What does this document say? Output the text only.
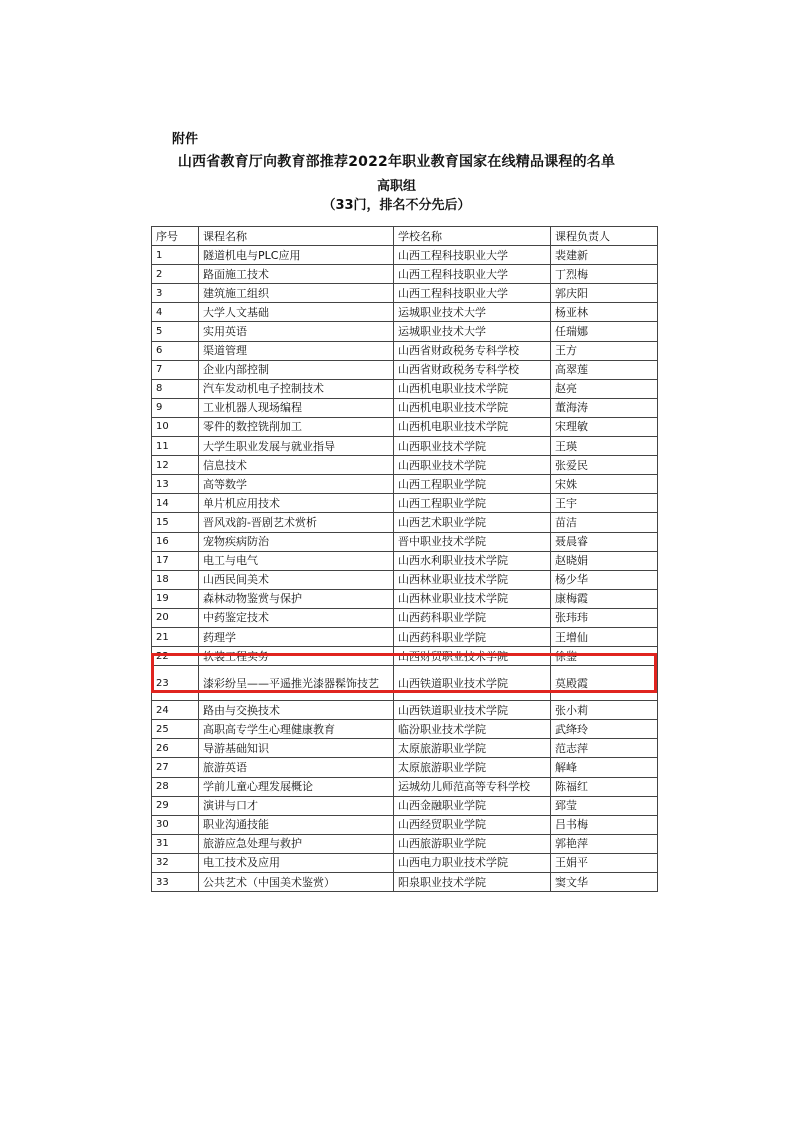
附件
山西省教育厅向教育部推荐2022年职业教育国家在线精品课程的名单
高职组
（33门，排名不分先后）
序号	课程名称	学校名称	课程负责人
1	隧道机电与PLC应用	山西工程科技职业大学	裴建新
2	路面施工技术	山西工程科技职业大学	丁烈梅
3	建筑施工组织	山西工程科技职业大学	郭庆阳
4	大学人文基础	运城职业技术大学	杨亚林
5	实用英语	运城职业技术大学	任瑞娜
6	渠道管理	山西省财政税务专科学校	王方
7	企业内部控制	山西省财政税务专科学校	高翠莲
8	汽车发动机电子控制技术	山西机电职业技术学院	赵亮
9	工业机器人现场编程	山西机电职业技术学院	董海涛
10	零件的数控铣削加工	山西机电职业技术学院	宋理敏
11	大学生职业发展与就业指导	山西职业技术学院	王瑛
12	信息技术	山西职业技术学院	张爱民
13	高等数学	山西工程职业学院	宋姝
14	单片机应用技术	山西工程职业学院	王宇
15	晋风戏韵-晋剧艺术赏析	山西艺术职业学院	苗洁
16	宠物疾病防治	晋中职业技术学院	聂晨睿
17	电工与电气	山西水利职业技术学院	赵晓娟
18	山西民间美术	山西林业职业技术学院	杨少华
19	森林动物鉴赏与保护	山西林业职业技术学院	康梅霞
20	中药鉴定技术	山西药科职业学院	张玮玮
21	药理学	山西药科职业学院	王增仙
22	软装工程实务	山西财贸职业技术学院	徐鉴
23	漆彩纷呈——平遥推光漆器髹饰技艺	山西铁道职业技术学院	莫殿霞
24	路由与交换技术	山西铁道职业技术学院	张小莉
25	高职高专学生心理健康教育	临汾职业技术学院	武绛玲
26	导游基础知识	太原旅游职业学院	范志萍
27	旅游英语	太原旅游职业学院	解峰
28	学前儿童心理发展概论	运城幼儿师范高等专科学校	陈福红
29	演讲与口才	山西金融职业学院	郅莹
30	职业沟通技能	山西经贸职业学院	吕书梅
31	旅游应急处理与救护	山西旅游职业学院	郭艳萍
32	电工技术及应用	山西电力职业技术学院	王娟平
33	公共艺术（中国美术鉴赏）	阳泉职业技术学院	窦文华
